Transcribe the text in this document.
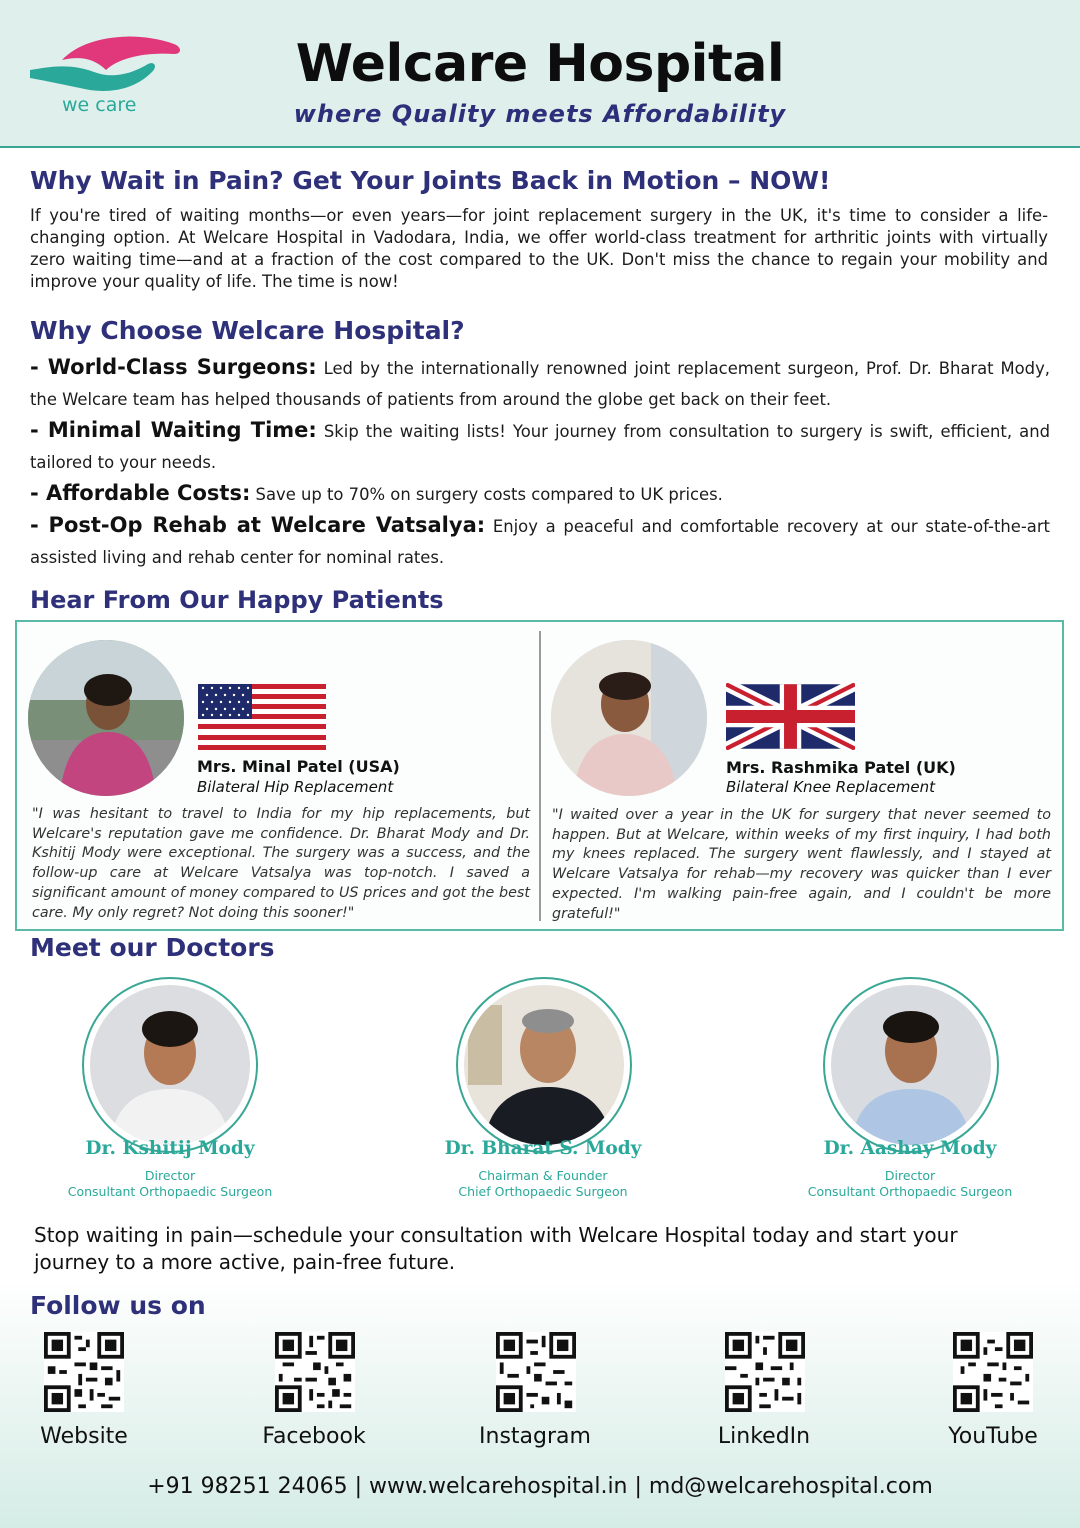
we care
Welcare Hospital
where Quality meets Affordability
Why Wait in Pain? Get Your Joints Back in Motion – NOW!
If you're tired of waiting months—or even years—for joint replacement surgery in the UK, it's time to consider a life-changing option. At Welcare Hospital in Vadodara, India, we offer world-class treatment for arthritic joints with virtually zero waiting time—and at a fraction of the cost compared to the UK. Don't miss the chance to regain your mobility and improve your quality of life. The time is now!
Why Choose Welcare Hospital?
- World-Class Surgeons: Led by the internationally renowned joint replacement surgeon, Prof. Dr. Bharat Mody, the Welcare team has helped thousands of patients from around the globe get back on their feet.
- Minimal Waiting Time: Skip the waiting lists! Your journey from consultation to surgery is swift, efficient, and tailored to your needs.
- Affordable Costs: Save up to 70% on surgery costs compared to UK prices.
- Post-Op Rehab at Welcare Vatsalya: Enjoy a peaceful and comfortable recovery at our state-of-the-art assisted living and rehab center for nominal rates.
Hear From Our Happy Patients
Mrs. Minal Patel (USA)
Bilateral Hip Replacement
"I was hesitant to travel to India for my hip replacements, but Welcare's reputation gave me confidence. Dr. Bharat Mody and Dr. Kshitij Mody were exceptional. The surgery was a success, and the follow-up care at Welcare Vatsalya was top-notch. I saved a significant amount of money compared to US prices and got the best care. My only regret? Not doing this sooner!"
Mrs. Rashmika Patel (UK)
Bilateral Knee Replacement
"I waited over a year in the UK for surgery that never seemed to happen. But at Welcare, within weeks of my first inquiry, I had both my knees replaced. The surgery went flawlessly, and I stayed at Welcare Vatsalya for rehab—my recovery was quicker than I ever expected. I'm walking pain-free again, and I couldn't be more grateful!"
Meet our Doctors
Dr. Kshitij Mody
Director
Consultant Orthopaedic Surgeon
Dr. Bharat S. Mody
Chairman & Founder
Chief Orthopaedic Surgeon
Dr. Aashay Mody
Director
Consultant Orthopaedic Surgeon
Stop waiting in pain—schedule your consultation with Welcare Hospital today and start your journey to a more active, pain-free future.
Follow us on
Website	Facebook	Instagram	LinkedIn	YouTube
+91 98251 24065 | www.welcarehospital.in | md@welcarehospital.com
